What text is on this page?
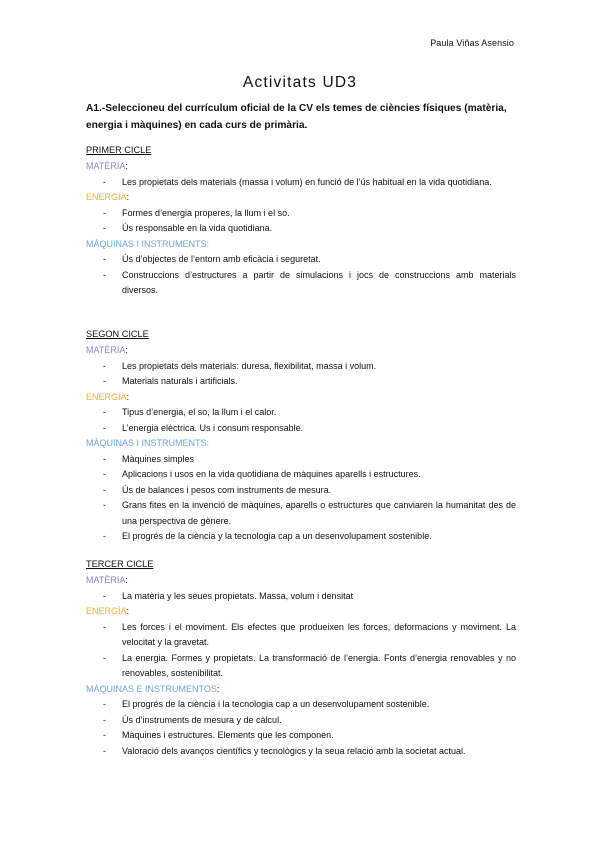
Paula Viñas Asensio
Activitats UD3
A1.-Seleccioneu del currículum oficial de la CV els temes de ciències físiques (matèria, energia i màquines) en cada curs de primària.
PRIMER CICLE
MATÈRIA:
- Les propietats dels materials (massa i volum) en funció de l’ús habitual en la vida quotidiana.
ENERGIA:
- Formes d’energia properes, la llum i el so.
- Ús responsable en la vida quotidiana.
MÀQUINAS I INSTRUMENTS:
- Ús d’objectes de l’entorn amb eficàcia i seguretat.
- Construccions d’estructures a partir de simulacions i jocs de construccions amb materials diversos.
SEGON CICLE
MATÈRIA:
- Les propietats dels materials: duresa, flexibilitat, massa i volum.
- Materials naturals i artificials.
ENERGIA:
- Tipus d’energia, el so, la llum i el calor.
- L’energia elèctrica. Us i consum responsable.
MÀQUINAS I INSTRUMENTS:
- Màquines simples
- Aplicacions i usos en la vida quotidiana de màquines aparells i estructures.
- Ús de balances i pesos com instruments de mesura.
- Grans fites en la invenció de màquines, aparells o estructures que canviaren la humanitat des de una perspectiva de gènere.
- El progrés de la ciència y la tecnologia cap a un desenvolupament sostenible.
TERCER CICLE
MATÈRIA:
- La matèria y les seues propietats. Massa, volum i densitat
ENERGÍA:
- Les forces i el moviment. Els efectes que produeixen les forces, deformacions y moviment. La velocitat y la gravetat.
- La energia. Formes y propietats. La transformació de l’energia. Fonts d’energia renovables y no renovables, sostenibilitat.
MÁQUINAS E INSTRUMENTOS:
- El progrés de la ciència i la tecnologia cap a un desenvolupament sostenible.
- Ús d’instruments de mesura y de càlcul.
- Màquines i estructures. Elements que les componen.
- Valoració dels avanços científics y tecnològics y la seua relació amb la societat actual.
